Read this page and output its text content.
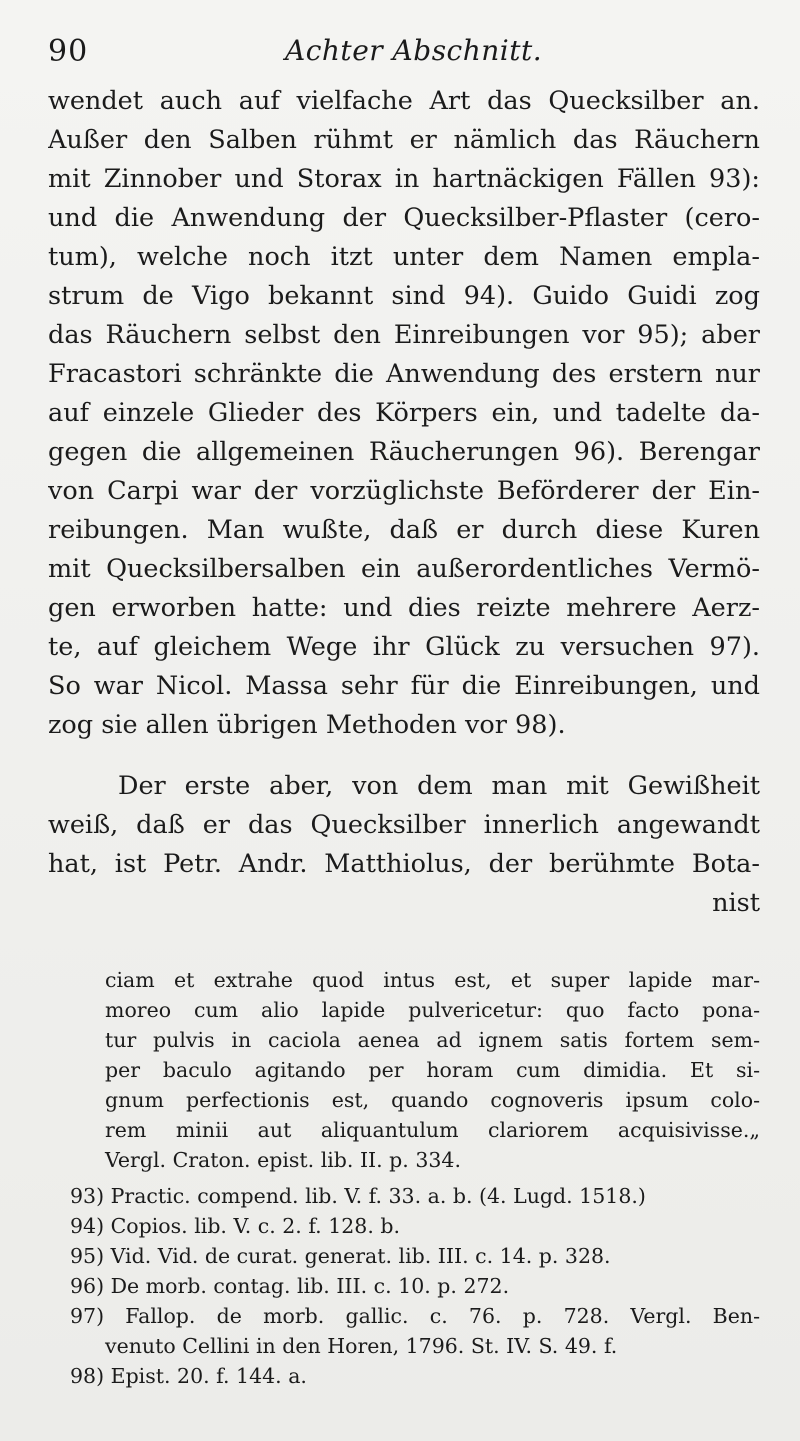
90	Achter Abschnitt.
wendet auch auf vielfache Art das Quecksilber an.
Außer den Salben rühmt er nämlich das Räuchern
mit Zinnober und Storax in hartnäckigen Fällen 93):
und die Anwendung der Quecksilber-Pflaster (cero-
tum), welche noch itzt unter dem Namen empla-
strum de Vigo bekannt sind 94). Guido Guidi zog
das Räuchern selbst den Einreibungen vor 95); aber
Fracastori schränkte die Anwendung des erstern nur
auf einzele Glieder des Körpers ein, und tadelte da-
gegen die allgemeinen Räucherungen 96). Berengar
von Carpi war der vorzüglichste Beförderer der Ein-
reibungen. Man wußte, daß er durch diese Kuren
mit Quecksilbersalben ein außerordentliches Vermö-
gen erworben hatte: und dies reizte mehrere Aerz-
te, auf gleichem Wege ihr Glück zu versuchen 97).
So war Nicol. Massa sehr für die Einreibungen, und
zog sie allen übrigen Methoden vor 98).
Der erste aber, von dem man mit Gewißheit
weiß, daß er das Quecksilber innerlich angewandt
hat, ist Petr. Andr. Matthiolus, der berühmte Bota-
nist
ciam et extrahe quod intus est, et super lapide mar-
moreo cum alio lapide pulvericetur: quo facto pona-
tur pulvis in caciola aenea ad ignem satis fortem sem-
per baculo agitando per horam cum dimidia. Et si-
gnum perfectionis est, quando cognoveris ipsum colo-
rem minii aut aliquantulum clariorem acquisivisse.„
Vergl. Craton. epist. lib. II. p. 334.
93) Practic. compend. lib. V. f. 33. a. b. (4. Lugd. 1518.)
94) Copios. lib. V. c. 2. f. 128. b.
95) Vid. Vid. de curat. generat. lib. III. c. 14. p. 328.
96) De morb. contag. lib. III. c. 10. p. 272.
97) Fallop. de morb. gallic. c. 76. p. 728. Vergl. Ben-
venuto Cellini in den Horen, 1796. St. IV. S. 49. f.
98) Epist. 20. f. 144. a.
